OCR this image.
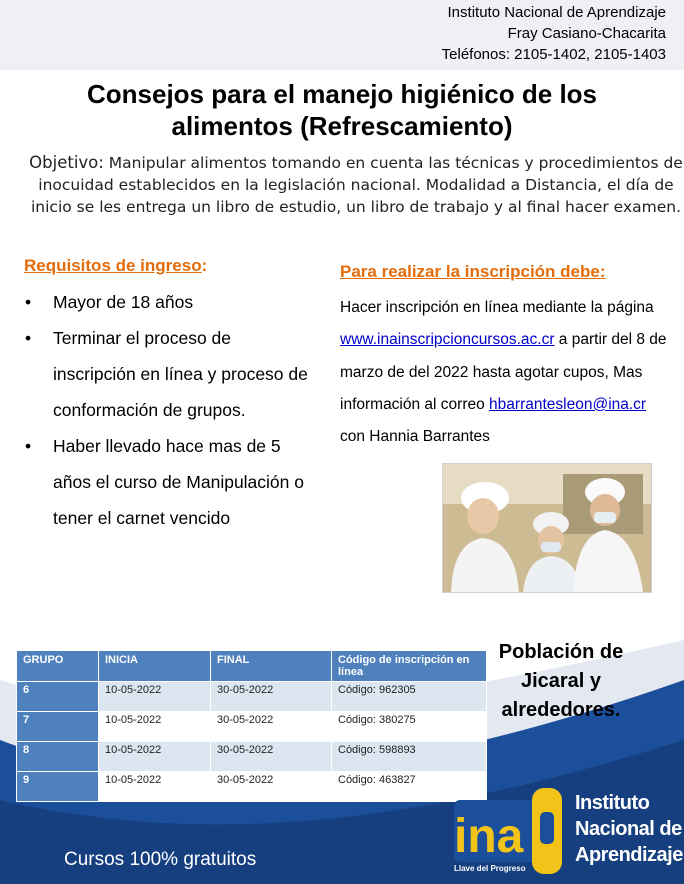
Instituto Nacional de Aprendizaje
Fray Casiano-Chacarita
Teléfonos: 2105-1402, 2105-1403
Consejos para el manejo higiénico de los
alimentos (Refrescamiento)
Objetivo: Manipular alimentos tomando en cuenta las técnicas y procedimientos de inocuidad establecidos en la legislación nacional. Modalidad a Distancia, el día de inicio se les entrega un libro de estudio, un libro de trabajo y al final hacer examen.
Requisitos de ingreso:
• Mayor de 18 años
• Terminar el proceso de inscripción en línea y proceso de conformación de grupos.
• Haber llevado hace mas de 5 años el curso de Manipulación o tener el carnet vencido
Para realizar la inscripción debe:
Hacer inscripción en línea mediante la página www.inainscripcioncursos.ac.cr a partir del 8 de marzo de del 2022 hasta agotar cupos, Mas información al correo hbarrantesleon@ina.cr con Hannia Barrantes
GRUPO	INICIA	FINAL	Código de inscripción en línea
6	10-05-2022	30-05-2022	Código: 962305
7	10-05-2022	30-05-2022	Código: 380275
8	10-05-2022	30-05-2022	Código: 598893
9	10-05-2022	30-05-2022	Código: 463827
Población de Jicaral y alrededores.
Cursos 100% gratuitos	ina
Llave del Progreso
Instituto
Nacional de
Aprendizaje
